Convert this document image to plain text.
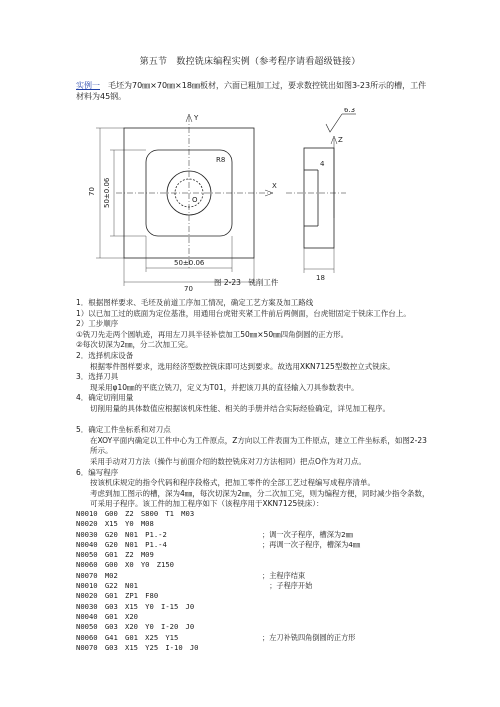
第五节　数控铣床编程实例（参考程序请看超级链接）
实例一　毛坯为70㎜×70㎜×18㎜板材，六面已粗加工过，要求数控铣出如图3-23所示的槽，工件材料为45钢。
70
50±0.06
70 50±0.06
18
4
6.3
Y
X
Z
O
R8
图 2-23　铣削工件
1．根据图样要求、毛坯及前道工序加工情况，确定工艺方案及加工路线
1）以已加工过的底面为定位基准，用通用台虎钳夹紧工件前后两侧面，台虎钳固定于铣床工作台上。
2）工步顺序
①铣刀先走两个圆轨迹，再用左刀具半径补偿加工50㎜×50㎜四角倒圆的正方形。
②每次切深为2㎜，分二次加工完。
2．选择机床设备
根据零件图样要求，选用经济型数控铣床即可达到要求。故选用XKN7125型数控立式铣床。
3．选择刀具
现采用φ10㎜的平底立铣刀，定义为T01，并把该刀具的直径输入刀具参数表中。
4．确定切削用量
切削用量的具体数值应根据该机床性能、相关的手册并结合实际经验确定，详见加工程序。

5．确定工件坐标系和对刀点
在XOY平面内确定以工件中心为工件原点，Z方向以工件表面为工件原点，建立工件坐标系，如图2-23所示。
采用手动对刀方法（操作与前面介绍的数控铣床对刀方法相同）把点O作为对刀点。
6．编写程序
按该机床规定的指令代码和程序段格式，把加工零件的全部工艺过程编写成程序清单。
考虑到加工图示的槽，深为4㎜，每次切深为2㎜，分二次加工完，则为编程方便，同时减少指令条数，可采用子程序。该工件的加工程序如下（该程序用于XKN7125铣床）：
N0010　G00　Z2　S800　T1　M03
N0020　X15　Y0　M08
N0030　G20　N01　P1.-2	；调一次子程序，槽深为2㎜
N0040　G20　N01　P1.-4	；再调一次子程序，槽深为4㎜
N0050　G01　Z2　M09
N0060　G00　X0　Y0　Z150
N0070　M02	；主程序结束
N0010　G22　N01	　；子程序开始
N0020　G01　ZP1　F80
N0030　G03　X15　Y0　I-15　J0
N0040　G01　X20
N0050　G03　X20　Y0　I-20　J0
N0060　G41　G01　X25　Y15	；左刀补铣四角倒圆的正方形
N0070　G03　X15　Y25　I-10　J0
